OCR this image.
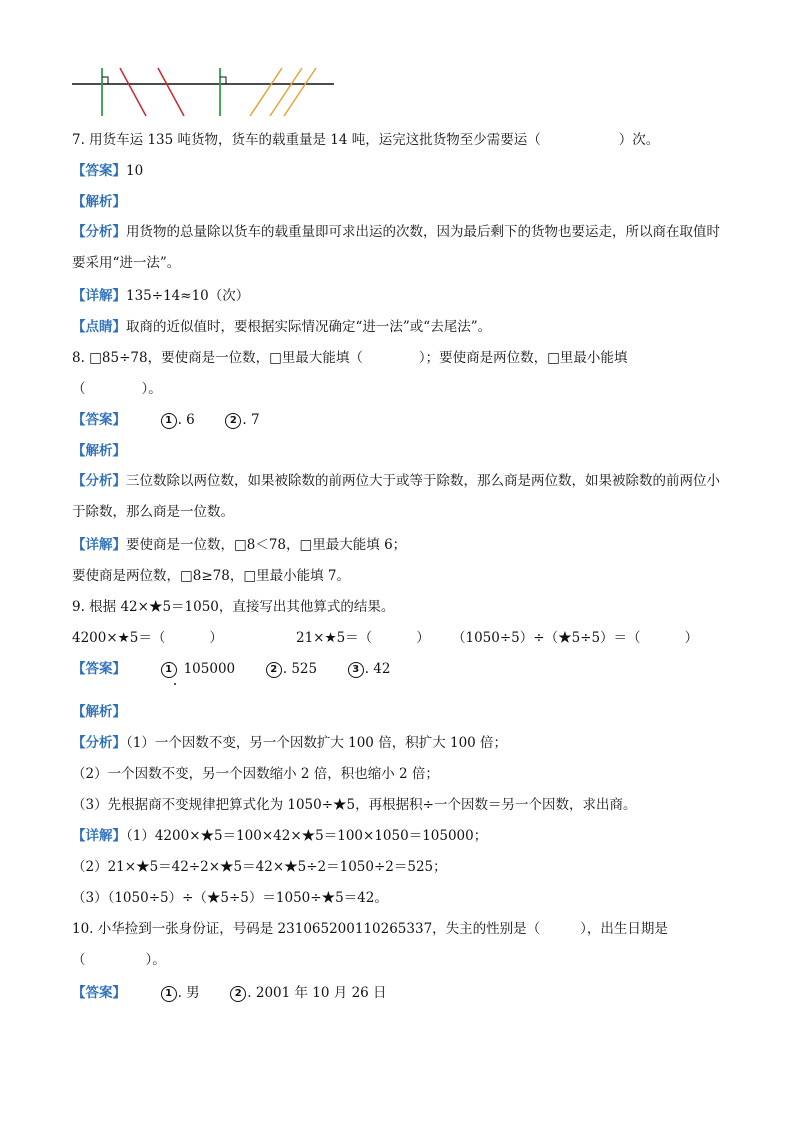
7. 用货车运 135 吨货物，货车的载重量是 14 吨，运完这批货物至少需要运（	）次。
【答案】10
【解析】
【分析】用货物的总量除以货车的载重量即可求出运的次数，因为最后剩下的货物也要运走，所以商在取值时要采用“进一法”。
【详解】135÷14≈10（次）
【点睛】取商的近似值时，要根据实际情况确定“进一法”或“去尾法”。
8. □85÷78，要使商是一位数，□里最大能填（	）；要使商是两位数，□里最小能填
（	）。
【答案】	1 . 6	2 . 7
【解析】
【分析】三位数除以两位数，如果被除数的前两位大于或等于除数，那么商是两位数，如果被除数的前两位小于除数，那么商是一位数。
【详解】要使商是一位数，□8＜78，□里最大能填 6；
要使商是两位数，□8≥78，□里最小能填 7。
9. 根据 42×★5＝1050，直接写出其他算式的结果。
4200×★5＝（	）	21×★5＝（	） （1050÷5）÷（★5÷5）＝（	）
【答案】	1 105000	2 . 525	3 . 42
【解析】
【分析】（1）一个因数不变，另一个因数扩大 100 倍，积扩大 100 倍；
（2）一个因数不变，另一个因数缩小 2 倍，积也缩小 2 倍；
（3）先根据商不变规律把算式化为 1050÷★5，再根据积÷一个因数＝另一个因数，求出商。
【详解】（1）4200×★5＝100×42×★5＝100×1050＝105000；
（2）21×★5＝42÷2×★5＝42×★5÷2＝1050÷2＝525；
（3）（1050÷5）÷（★5÷5）＝1050÷★5＝42。
10. 小华捡到一张身份证，号码是 231065200110265337，失主的性别是（	），出生日期是
（	）。
【答案】	1 . 男	2 . 2001 年 10 月 26 日
